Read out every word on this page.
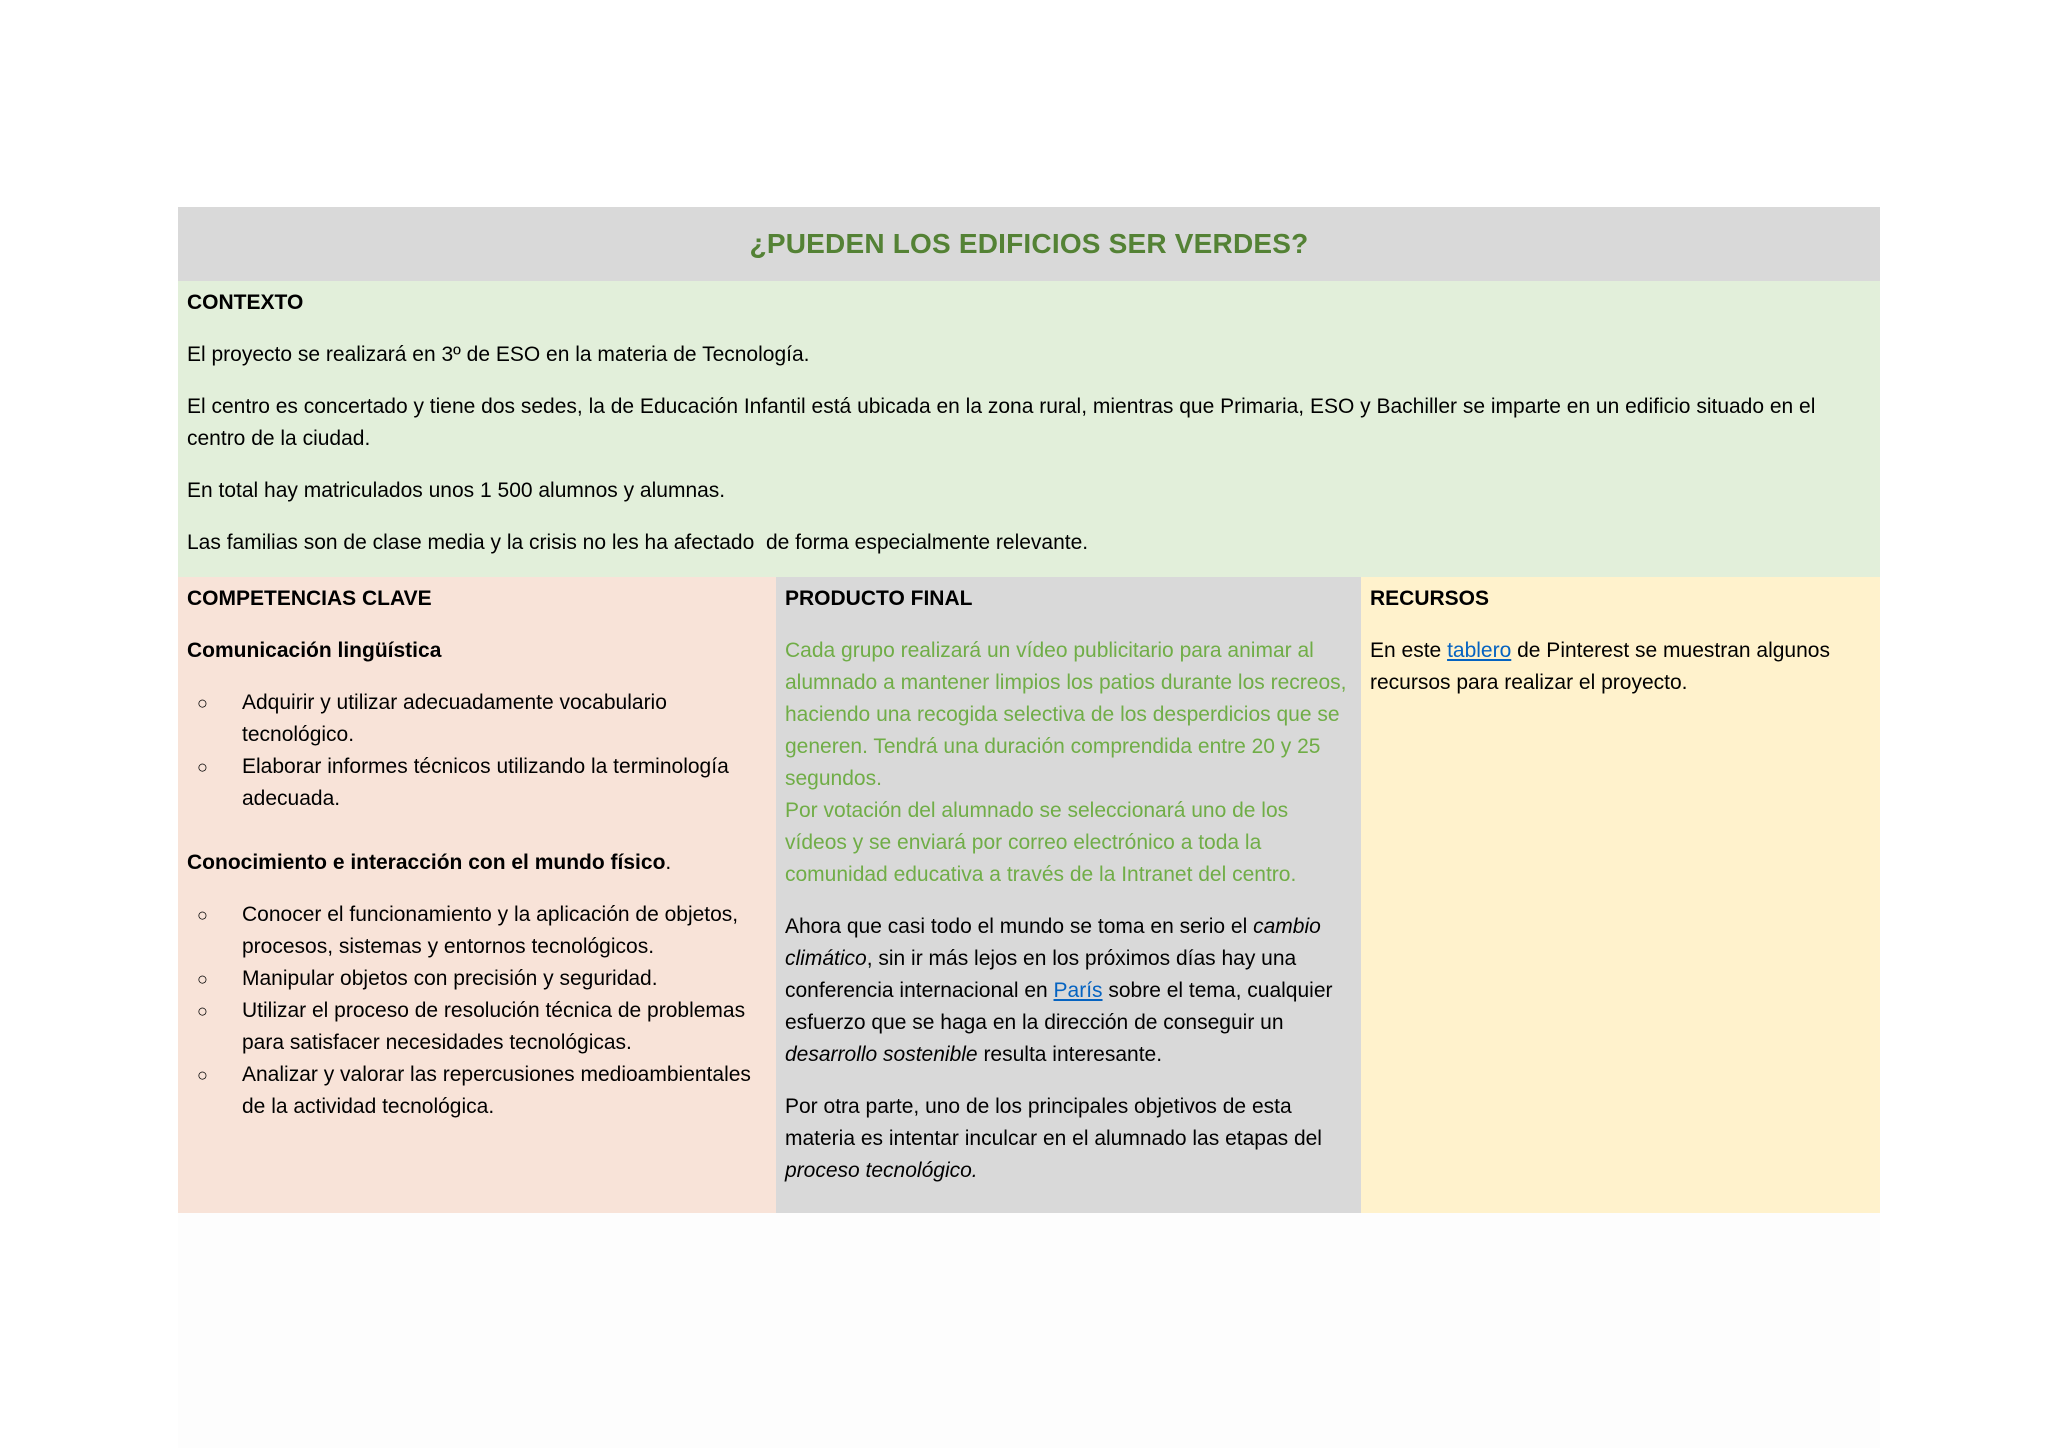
¿PUEDEN LOS EDIFICIOS SER VERDES?
CONTEXTO

El proyecto se realizará en 3º de ESO en la materia de Tecnología.

El centro es concertado y tiene dos sedes, la de Educación Infantil está ubicada en la zona rural, mientras que Primaria, ESO y Bachiller se imparte en un edificio situado en el centro de la ciudad.

En total hay matriculados unos 1 500 alumnos y alumnas.

Las familias son de clase media y la crisis no les ha afectado  de forma especialmente relevante.

COMPETENCIAS CLAVE
Comunicación lingüística
○ Adquirir y utilizar adecuadamente vocabulario tecnológico.
○ Elaborar informes técnicos utilizando la terminología adecuada.
Conocimiento e interacción con el mundo físico.
○ Conocer el funcionamiento y la aplicación de objetos, procesos, sistemas y entornos tecnológicos.
○ Manipular objetos con precisión y seguridad.
○ Utilizar el proceso de resolución técnica de problemas para satisfacer necesidades tecnológicas.
○ Analizar y valorar las repercusiones medioambientales de la actividad tecnológica.
PRODUCTO FINAL

Cada grupo realizará un vídeo publicitario para animar al alumnado a mantener limpios los patios durante los recreos, haciendo una recogida selectiva de los desperdicios que se generen. Tendrá una duración comprendida entre 20 y 25 segundos.

Por votación del alumnado se seleccionará uno de los vídeos y se enviará por correo electrónico a toda la comunidad educativa a través de la Intranet del centro.

Ahora que casi todo el mundo se toma en serio el cambio climático, sin ir más lejos en los próximos días hay una conferencia internacional en París sobre el tema, cualquier esfuerzo que se haga en la dirección de conseguir un desarrollo sostenible resulta interesante.

Por otra parte, uno de los principales objetivos de esta materia es intentar inculcar en el alumnado las etapas del proceso tecnológico.

RECURSOS

En este tablero de Pinterest se muestran algunos recursos para realizar el proyecto.
